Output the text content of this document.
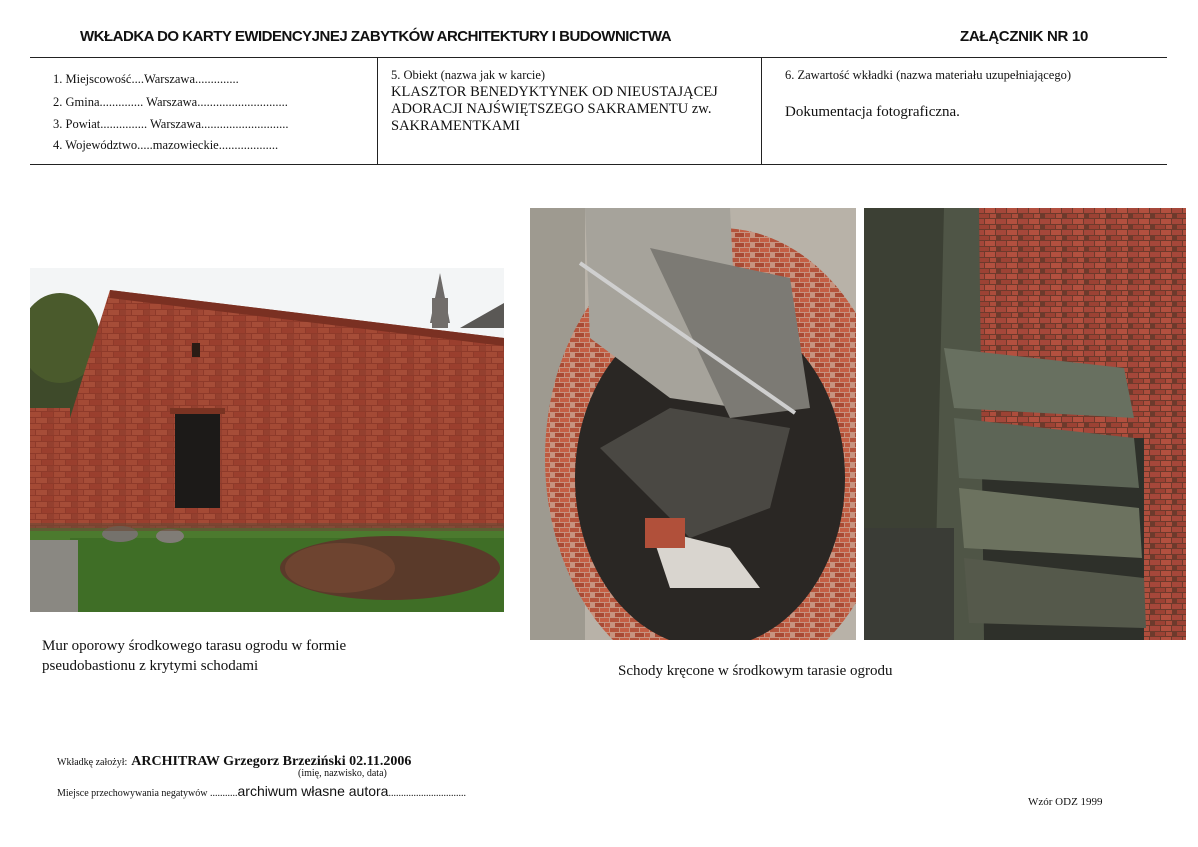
WKŁADKA DO KARTY EWIDENCYJNEJ ZABYTKÓW ARCHITEKTURY I BUDOWNICTWA	ZAŁĄCZNIK NR 10
1. Miejscowość....Warszawa..............
2. Gmina.............. Warszawa.............................
3. Powiat............... Warszawa............................
4. Województwo.....mazowieckie...................
5. Obiekt (nazwa jak w karcie)
KLASZTOR BENEDYKTYNEK OD NIEUSTAJĄCEJ ADORACJI NAJŚWIĘTSZEGO SAKRAMENTU zw. SAKRAMENTKAMI
6. Zawartość wkładki (nazwa materiału uzupełniającego)
Dokumentacja fotograficzna.
Mur oporowy środkowego tarasu ogrodu w formie pseudobastionu z krytymi schodami	Schody kręcone w środkowym tarasie ogrodu
Wkładkę założył: ARCHITRAW Grzegorz Brzeziński 02.11.2006
(imię, nazwisko, data)
Miejsce przechowywania negatywów ...........archiwum własne autora...............................
Wzór ODZ 1999
